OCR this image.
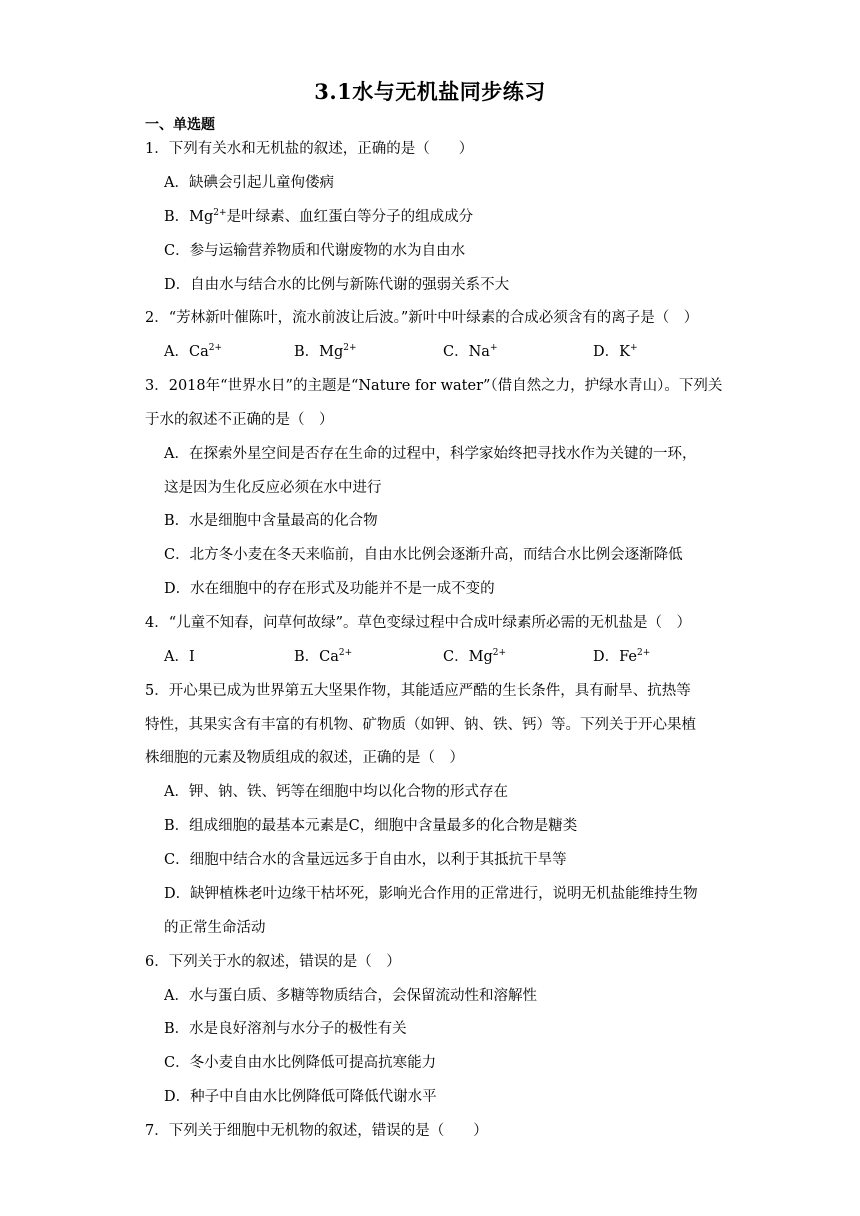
3.1水与无机盐同步练习
一、单选题
1．下列有关水和无机盐的叙述，正确的是（　　）
A．缺碘会引起儿童佝偻病
B．$Mg^{2+}$是叶绿素、血红蛋白等分子的组成成分
C．参与运输营养物质和代谢废物的水为自由水
D．自由水与结合水的比例与新陈代谢的强弱关系不大
2．“芳林新叶催陈叶，流水前波让后波。”新叶中叶绿素的合成必须含有的离子是（　）
A．$Ca^{2+}$	B．$Mg^{2+}$	C．Na+	D．K+
3．2018年“世界水日”的主题是“Nature for water”（借自然之力，护绿水青山）。下列关
于水的叙述不正确的是（　）
A．在探索外星空间是否存在生命的过程中，科学家始终把寻找水作为关键的一环，
这是因为生化反应必须在水中进行
B．水是细胞中含量最高的化合物
C．北方冬小麦在冬天来临前，自由水比例会逐渐升高，而结合水比例会逐渐降低
D．水在细胞中的存在形式及功能并不是一成不变的
4．“儿童不知春，问草何故绿”。草色变绿过程中合成叶绿素所必需的无机盐是（　）
A．I	B．$Ca^{2+}$	C．$Mg^{2+}$	D．$Fe^{2+}$
5．开心果已成为世界第五大坚果作物，其能适应严酷的生长条件，具有耐旱、抗热等
特性，其果实含有丰富的有机物、矿物质（如钾、钠、铁、钙）等。下列关于开心果植
株细胞的元素及物质组成的叙述，正确的是（　）
A．钾、钠、铁、钙等在细胞中均以化合物的形式存在
B．组成细胞的最基本元素是C，细胞中含量最多的化合物是糖类
C．细胞中结合水的含量远远多于自由水，以利于其抵抗干旱等
D．缺钾植株老叶边缘干枯坏死，影响光合作用的正常进行，说明无机盐能维持生物
的正常生命活动
6．下列关于水的叙述，错误的是（　）
A．水与蛋白质、多糖等物质结合，会保留流动性和溶解性
B．水是良好溶剂与水分子的极性有关
C．冬小麦自由水比例降低可提高抗寒能力
D．种子中自由水比例降低可降低代谢水平
7．下列关于细胞中无机物的叙述，错误的是（　　）
